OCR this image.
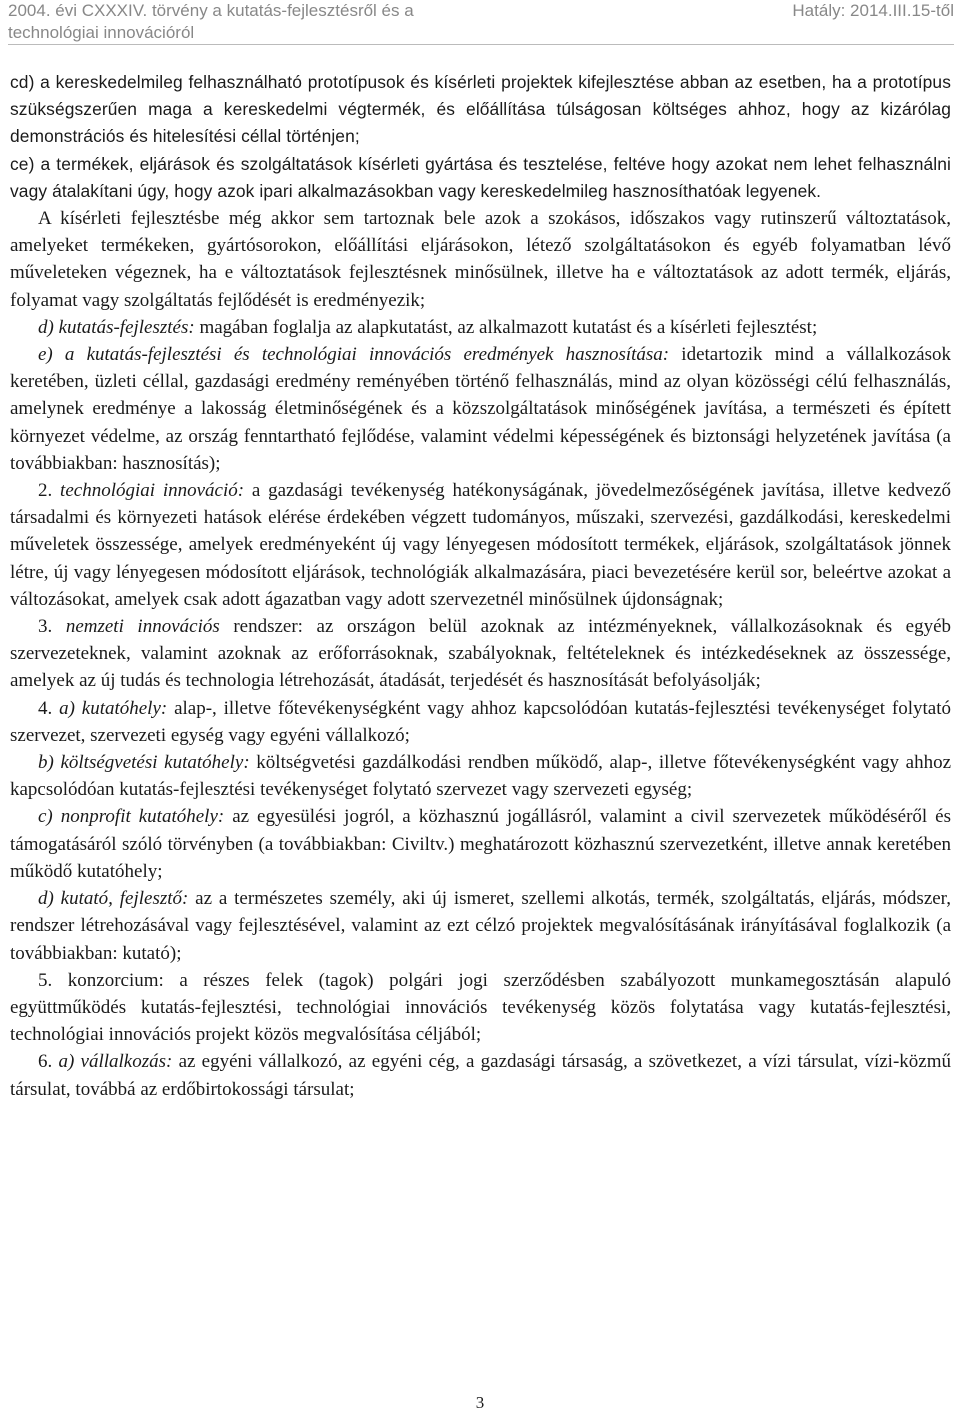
2004. évi CXXXIV. törvény a kutatás-fejlesztésről és a	Hatály: 2014.III.15-től
technológiai innovációról

cd) a kereskedelmileg felhasználható prototípusok és kísérleti projektek kifejlesztése abban az esetben, ha a prototípus szükségszerűen maga a kereskedelmi végtermék, és előállítása túlságosan költséges ahhoz, hogy az kizárólag demonstrációs és hitelesítési céllal történjen;

ce) a termékek, eljárások és szolgáltatások kísérleti gyártása és tesztelése, feltéve hogy azokat nem lehet felhasználni vagy átalakítani úgy, hogy azok ipari alkalmazásokban vagy kereskedelmileg hasznosíthatóak legyenek.

A kísérleti fejlesztésbe még akkor sem tartoznak bele azok a szokásos, időszakos vagy rutinszerű változtatások, amelyeket termékeken, gyártósorokon, előállítási eljárásokon, létező szolgáltatásokon és egyéb folyamatban lévő műveleteken végeznek, ha e változtatások fejlesztésnek minősülnek, illetve ha e változtatások az adott termék, eljárás, folyamat vagy szolgáltatás fejlődését is eredményezik;

d) kutatás-fejlesztés: magában foglalja az alapkutatást, az alkalmazott kutatást és a kísérleti fejlesztést;

e) a kutatás-fejlesztési és technológiai innovációs eredmények hasznosítása: idetartozik mind a vállalkozások keretében, üzleti céllal, gazdasági eredmény reményében történő felhasználás, mind az olyan közösségi célú felhasználás, amelynek eredménye a lakosság életminőségének és a közszolgáltatások minőségének javítása, a természeti és épített környezet védelme, az ország fenntartható fejlődése, valamint védelmi képességének és biztonsági helyzetének javítása (a továbbiakban: hasznosítás);

2. technológiai innováció: a gazdasági tevékenység hatékonyságának, jövedelmezőségének javítása, illetve kedvező társadalmi és környezeti hatások elérése érdekében végzett tudományos, műszaki, szervezési, gazdálkodási, kereskedelmi műveletek összessége, amelyek eredményeként új vagy lényegesen módosított termékek, eljárások, szolgáltatások jönnek létre, új vagy lényegesen módosított eljárások, technológiák alkalmazására, piaci bevezetésére kerül sor, beleértve azokat a változásokat, amelyek csak adott ágazatban vagy adott szervezetnél minősülnek újdonságnak;

3. nemzeti innovációs rendszer: az országon belül azoknak az intézményeknek, vállalkozásoknak és egyéb szervezeteknek, valamint azoknak az erőforrásoknak, szabályoknak, feltételeknek és intézkedéseknek az összessége, amelyek az új tudás és technologia létrehozását, átadását, terjedését és hasznosítását befolyásolják;

4. a) kutatóhely: alap-, illetve főtevékenységként vagy ahhoz kapcsolódóan kutatás-fejlesztési tevékenységet folytató szervezet, szervezeti egység vagy egyéni vállalkozó;

b) költségvetési kutatóhely: költségvetési gazdálkodási rendben működő, alap-, illetve főtevékenységként vagy ahhoz kapcsolódóan kutatás-fejlesztési tevékenységet folytató szervezet vagy szervezeti egység;

c) nonprofit kutatóhely: az egyesülési jogról, a közhasznú jogállásról, valamint a civil szervezetek működéséről és támogatásáról szóló törvényben (a továbbiakban: Civiltv.) meghatározott közhasznú szervezetként, illetve annak keretében működő kutatóhely;

d) kutató, fejlesztő: az a természetes személy, aki új ismeret, szellemi alkotás, termék, szolgáltatás, eljárás, módszer, rendszer létrehozásával vagy fejlesztésével, valamint az ezt célzó projektek megvalósításának irányításával foglalkozik (a továbbiakban: kutató);

5. konzorcium: a részes felek (tagok) polgári jogi szerződésben szabályozott munkamegosztásán alapuló együttműködés kutatás-fejlesztési, technológiai innovációs tevékenység közös folytatása vagy kutatás-fejlesztési, technológiai innovációs projekt közös megvalósítása céljából;

6. a) vállalkozás: az egyéni vállalkozó, az egyéni cég, a gazdasági társaság, a szövetkezet, a vízi társulat, vízi-közmű társulat, továbbá az erdőbirtokossági társulat;

3
